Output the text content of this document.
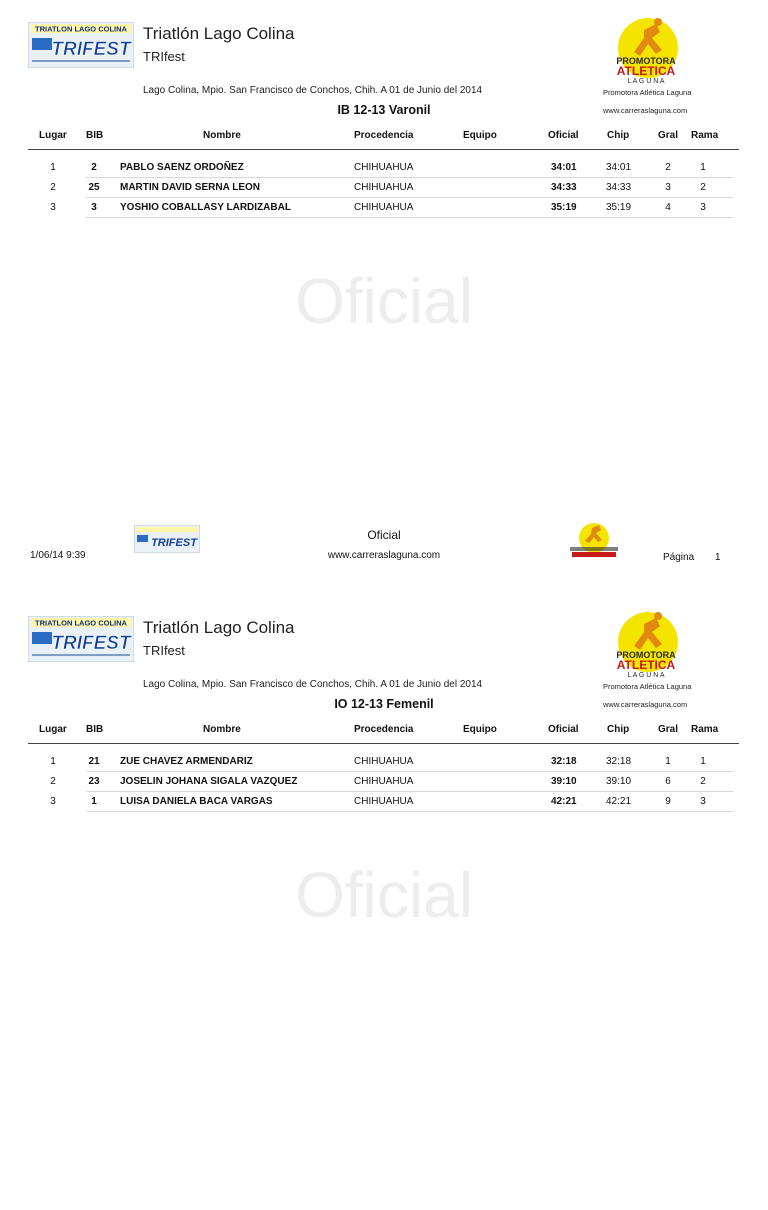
TRIATLON LAGO COLINA
TRIFEST
Triatlón Lago Colina
TRIfest
Lago Colina, Mpio. San Francisco de Conchos, Chih. A 01 de Junio del 2014
IB 12-13 Varonil
PROMOTORA
ATLETICA
L A G U N A
Promotora Atlética Laguna
www.carreraslaguna.com
Lugar BIB	Nombre	Procedencia	Equipo	Oficial	Chip	Gral Rama
1	2	PABLO SAENZ ORDOÑEZ	CHIHUAHUA	34:01	34:01	2	1
2	25	MARTIN DAVID SERNA LEON	CHIHUAHUA	34:33	34:33	3	2
3	3	YOSHIO COBALLASY LARDIZABAL	CHIHUAHUA	35:19	35:19	4	3
Oficial
TRIFEST
Oficial
1/06/14 9:39	www.carreraslaguna.com	Página 1
TRIATLON LAGO COLINA
TRIFEST
Triatlón Lago Colina
TRIfest
Lago Colina, Mpio. San Francisco de Conchos, Chih. A 01 de Junio del 2014
IO 12-13 Femenil
PROMOTORA
ATLETICA
L A G U N A
Promotora Atlética Laguna
www.carreraslaguna.com
Lugar BIB	Nombre	Procedencia	Equipo	Oficial	Chip	Gral Rama
1	21	ZUE CHAVEZ ARMENDARIZ	CHIHUAHUA	32:18	32:18	1	1
2	23	JOSELIN JOHANA SIGALA VAZQUEZ	CHIHUAHUA	39:10	39:10	6	2
3	1	LUISA DANIELA BACA VARGAS	CHIHUAHUA	42:21	42:21	9	3
Oficial
